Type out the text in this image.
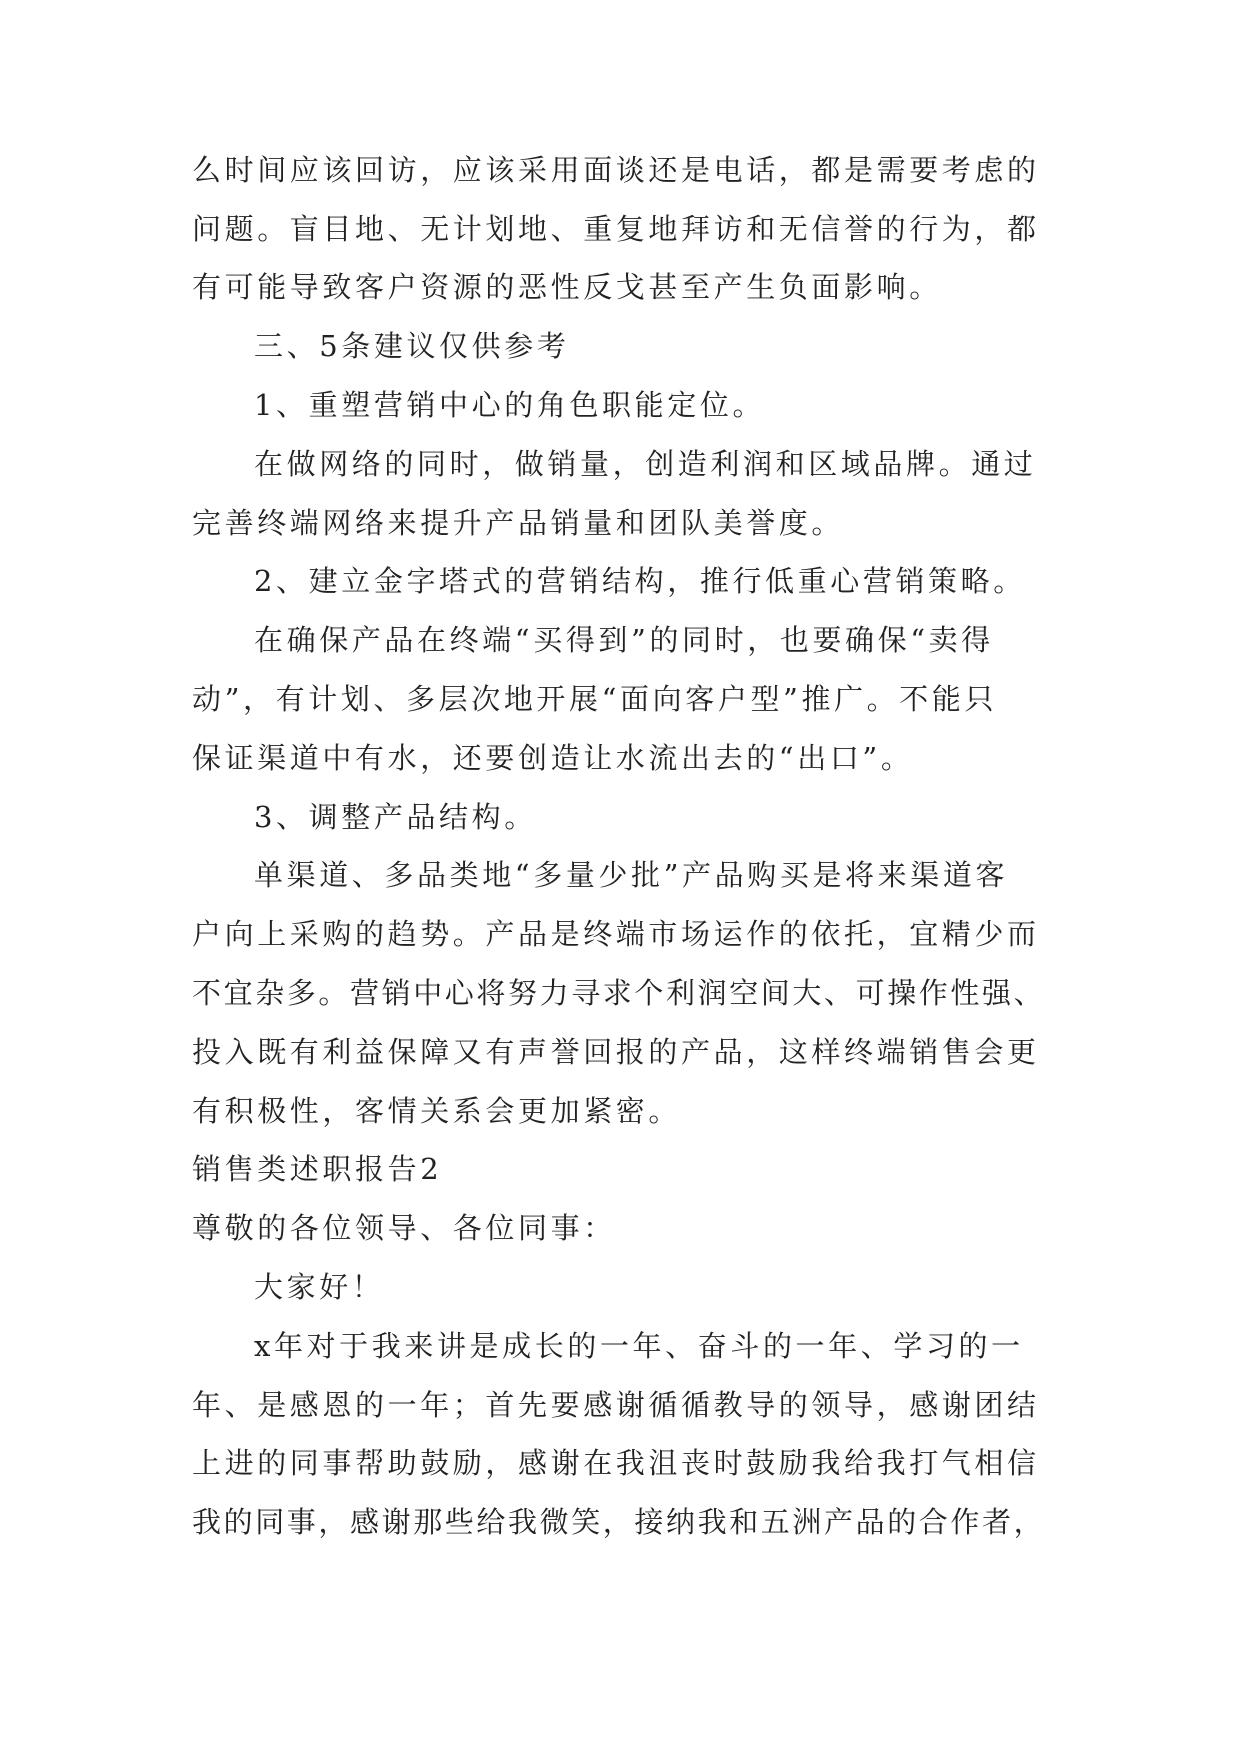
么时间应该回访，应该采用面谈还是电话，都是需要考虑的
问题。盲目地、无计划地、重复地拜访和无信誉的行为，都
有可能导致客户资源的恶性反戈甚至产生负面影响。
三、5条建议仅供参考
1、重塑营销中心的角色职能定位。
在做网络的同时，做销量，创造利润和区域品牌。通过
完善终端网络来提升产品销量和团队美誉度。
2、建立金字塔式的营销结构，推行低重心营销策略。
在确保产品在终端“买得到”的同时，也要确保“卖得
动”，有计划、多层次地开展“面向客户型”推广。不能只
保证渠道中有水，还要创造让水流出去的“出口”。
3、调整产品结构。
单渠道、多品类地“多量少批”产品购买是将来渠道客
户向上采购的趋势。产品是终端市场运作的依托，宜精少而
不宜杂多。营销中心将努力寻求个利润空间大、可操作性强、
投入既有利益保障又有声誉回报的产品，这样终端销售会更
有积极性，客情关系会更加紧密。
销售类述职报告2
尊敬的各位领导、各位同事：
大家好！
x年对于我来讲是成长的一年、奋斗的一年、学习的一
年、是感恩的一年；首先要感谢循循教导的领导，感谢团结
上进的同事帮助鼓励，感谢在我沮丧时鼓励我给我打气相信
我的同事，感谢那些给我微笑，接纳我和五洲产品的合作者，
